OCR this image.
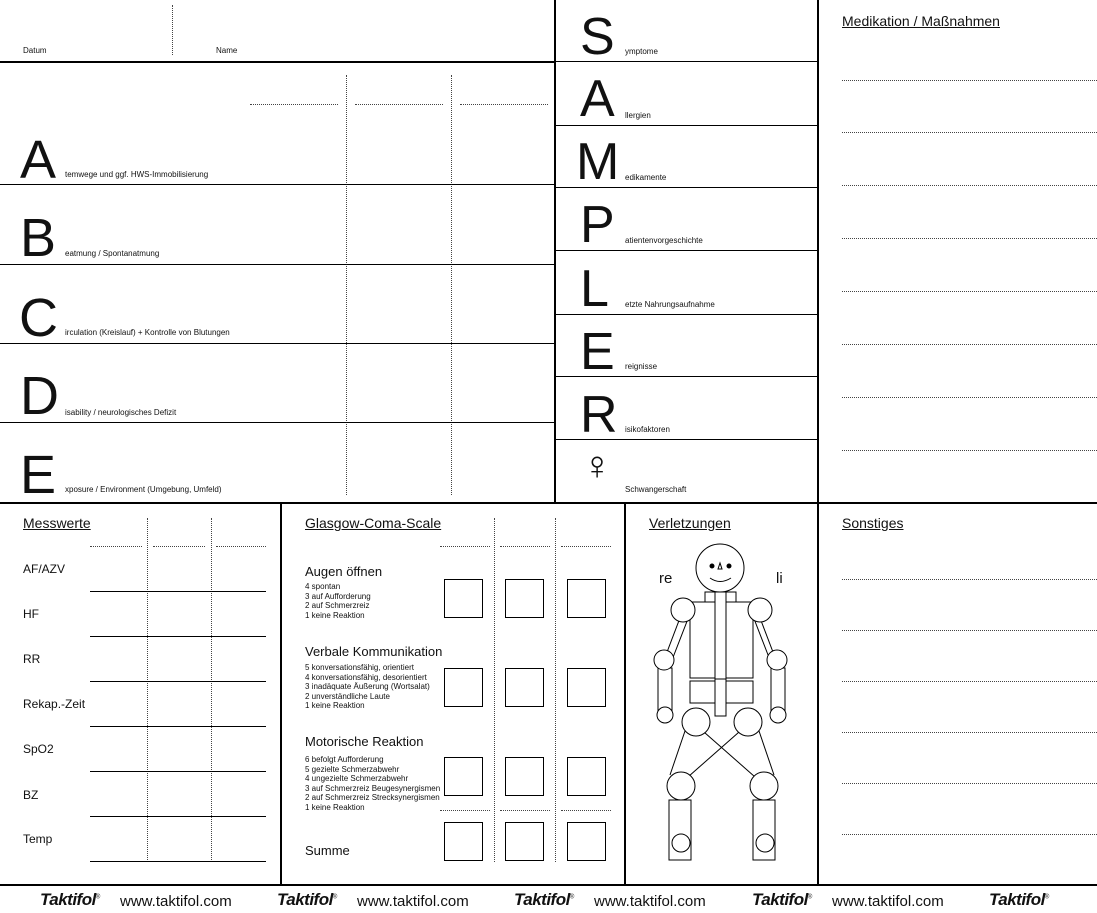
Datum	Name
A temwege und ggf. HWS-Immobilisierung
B eatmung / Spontanatmung
C irculation (Kreislauf) + Kontrolle von Blutungen
D isability / neurologisches Defizit
E xposure / Environment (Umgebung, Umfeld)
S ymptome
A llergien
M edikamente
P atientenvorgeschichte
L etzte Nahrungsaufnahme
E reignisse
R isikofaktoren
♀
Schwangerschaft
Medikation / Maßnahmen
Messwerte
AF/AZV
HF
RR
Rekap.-Zeit
SpO2
BZ
Temp
Glasgow-Coma-Scale
Augen öffnen
4 spontan
3 auf Aufforderung
2 auf Schmerzreiz
1 keine Reaktion
Verbale Kommunikation
5 konversationsfähig, orientiert
4 konversationsfähig, desorientiert
3 inadäquate Äußerung (Wortsalat)
2 unverständliche Laute
1 keine Reaktion
Motorische Reaktion
6 befolgt Aufforderung
5 gezielte Schmerzabwehr
4 ungezielte Schmerzabwehr
3 auf Schmerzreiz Beugesynergismen
2 auf Schmerzreiz Strecksynergismen
1 keine Reaktion
Summe
Verletzungen
re	li
Sonstiges
Taktifol® www.taktifol.com	Taktifol® www.taktifol.com	Taktifol® www.taktifol.com	Taktifol® www.taktifol.com	Taktifol®
